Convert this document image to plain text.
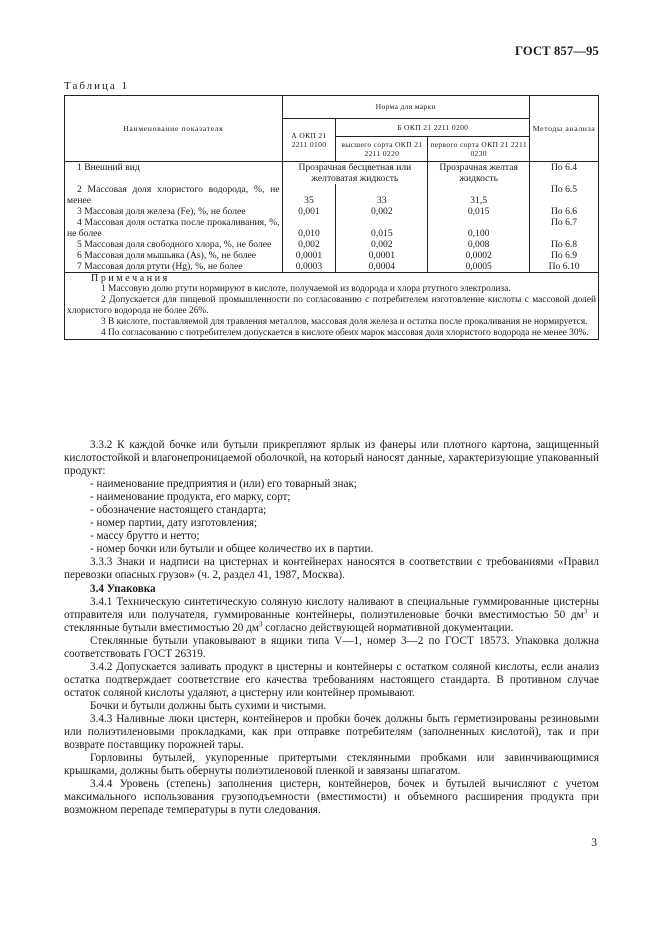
ГОСТ 857—95
Таблица 1
Наименование показателя	Норма для марки			Методы анализа
	А ОКП 21 2211 0100	Б ОКП 21 2211 0200		
		высшего сорта ОКП 21 2211 0220	первого сорта ОКП 21 2211 0230	
1 Внешний вид	Прозрачная бесцветная или желтоватая жидкость		Прозрачная желтая жидкость	По 6.4

2 Массовая доля хлористого водорода, %, не менее	35	33	31,5	По 6.5
3 Массовая доля железа (Fe), %, не более	0,001	0,002	0,015	По 6.6

4 Массовая доля остатка после прокаливания, %, не более	0,010	0,015	0,100	По 6.7

5 Массовая доля свободного хлора, %, не более	0,002	0,002	0,008	По 6.8

6 Массовая доля мышьяка (As), %, не более	0,0001	0,0001	0,0002	По 6.9
7 Массовая доля ртути (Hg), %, не более	0,0003	0,0004	0,0005	По 6.10

Примечания

1 Массовую долю ртути нормируют в кислоте, получаемой из водорода и хлора ртутного электролиза.

2 Допускается для пищевой промышленности по согласованию с потребителем изготовление кислоты с массовой долей хлористого водорода не более 26%.

3 В кислоте, поставляемой для травления металлов, массовая доля железа и остатка после прокаливания не нормируется.

4 По согласованию с потребителем допускается в кислоте обеих марок массовая доля хлористого водорода не менее 30%.				

3.3.2 К каждой бочке или бутыли прикрепляют ярлык из фанеры или плотного картона, защищенный кислотостойкой и влагонепроницаемой оболочкой, на который наносят данные, характеризующие упакованный продукт:

- наименование предприятия и (или) его товарный знак;

- наименование продукта, его марку, сорт;

- обозначение настоящего стандарта;

- номер партии, дату изготовления;

- массу брутто и нетто;

- номер бочки или бутыли и общее количество их в партии.

3.3.3 Знаки и надписи на цистернах и контейнерах наносятся в соответствии с требованиями «Правил перевозки опасных грузов» (ч. 2, раздел 41, 1987, Москва).

3.4 Упаковка

3.4.1 Техническую синтетическую соляную кислоту наливают в специальные гуммированные цистерны отправителя или получателя, гуммированные контейнеры, полиэтиленовые бочки вместимостью 50 $дм^3$ и стеклянные бутыли вместимостью 20 $дм^3$ согласно действующей нормативной документации.

Стеклянные бутыли упаковывают в ящики типа V—1, номер 3—2 по ГОСТ 18573. Упаковка должна соответствовать ГОСТ 26319.

3.4.2 Допускается заливать продукт в цистерны и контейнеры с остатком соляной кислоты, если анализ остатка подтверждает соответствие его качества требованиям настоящего стандарта. В противном случае остаток соляной кислоты удаляют, а цистерну или контейнер промывают.

Бочки и бутыли должны быть сухими и чистыми.

3.4.3 Наливные люки цистерн, контейнеров и пробки бочек должны быть герметизированы резиновыми или полиэтиленовыми прокладками, как при отправке потребителям (заполненных кислотой), так и при возврате поставщику порожней тары.

Горловины бутылей, укупоренные притертыми стеклянными пробками или завинчивающимися крышками, должны быть обернуты полиэтиленовой пленкой и завязаны шпагатом.

3.4.4 Уровень (степень) заполнения цистерн, контейнеров, бочек и бутылей вычисляют с учетом максимального использования грузоподъемности (вместимости) и объемного расширения продукта при возможном перепаде температуры в пути следования.

3
